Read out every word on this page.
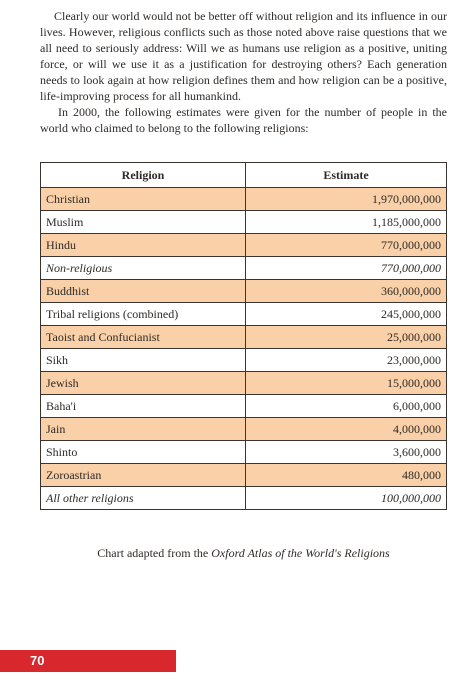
Clearly our world would not be better off without religion and its influence in our lives. However, religious conflicts such as those noted above raise questions that we all need to seriously address: Will we as humans use religion as a positive, uniting force, or will we use it as a justification for destroying others? Each generation needs to look again at how religion defines them and how religion can be a positive, life-improving process for all humankind.

In 2000, the following estimates were given for the number of people in the world who claimed to belong to the following religions:

Religion	Estimate
Christian	1,970,000,000
Muslim	1,185,000,000
Hindu	770,000,000
Non-religious	770,000,000
Buddhist	360,000,000
Tribal religions (combined)	245,000,000
Taoist and Confucianist	25,000,000
Sikh	23,000,000
Jewish	15,000,000
Baha'i	6,000,000
Jain	4,000,000
Shinto	3,600,000
Zoroastrian	480,000
All other religions	100,000,000
Chart adapted from the Oxford Atlas of the World's Religions
70
